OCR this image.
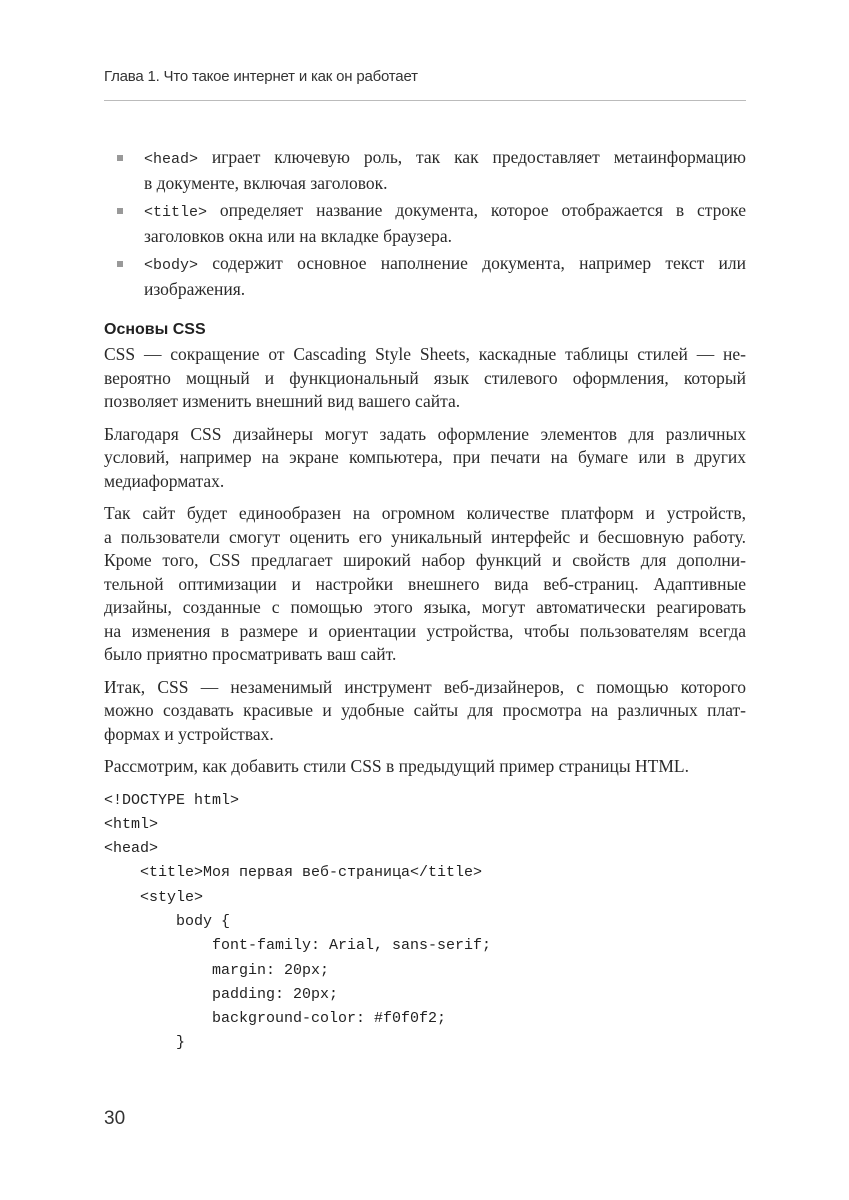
Глава 1. Что такое интернет и как он работает
<head> играет ключевую роль, так как предоставляет метаинформацию
в документе, включая заголовок.
<title> определяет название документа, которое отображается в строке
заголовков окна или на вкладке браузера.
<body> содержит основное наполнение документа, например текст или
изображения.
Основы CSS
CSS — сокращение от Cascading Style Sheets, каскадные таблицы стилей — не-
вероятно мощный и функциональный язык стилевого оформления, который
позволяет изменить внешний вид вашего сайта.
Благодаря CSS дизайнеры могут задать оформление элементов для различных
условий, например на экране компьютера, при печати на бумаге или в других
медиаформатах.
Так сайт будет единообразен на огромном количестве платформ и устройств,
а пользователи смогут оценить его уникальный интерфейс и бесшовную работу.
Кроме того, CSS предлагает широкий набор функций и свойств для дополни-
тельной оптимизации и настройки внешнего вида веб-страниц. Адаптивные
дизайны, созданные с помощью этого языка, могут автоматически реагировать
на изменения в размере и ориентации устройства, чтобы пользователям всегда
было приятно просматривать ваш сайт.
Итак, CSS — незаменимый инструмент веб-дизайнеров, с помощью которого
можно создавать красивые и удобные сайты для просмотра на различных плат-
формах и устройствах.
Рассмотрим, как добавить стили CSS в предыдущий пример страницы HTML.
<!DOCTYPE html>
<html>
<head>
<title>Моя первая веб-страница</title>
<style>
body {
font-family: Arial, sans-serif;
margin: 20px;
padding: 20px;
background-color: #f0f0f2;
}
30
